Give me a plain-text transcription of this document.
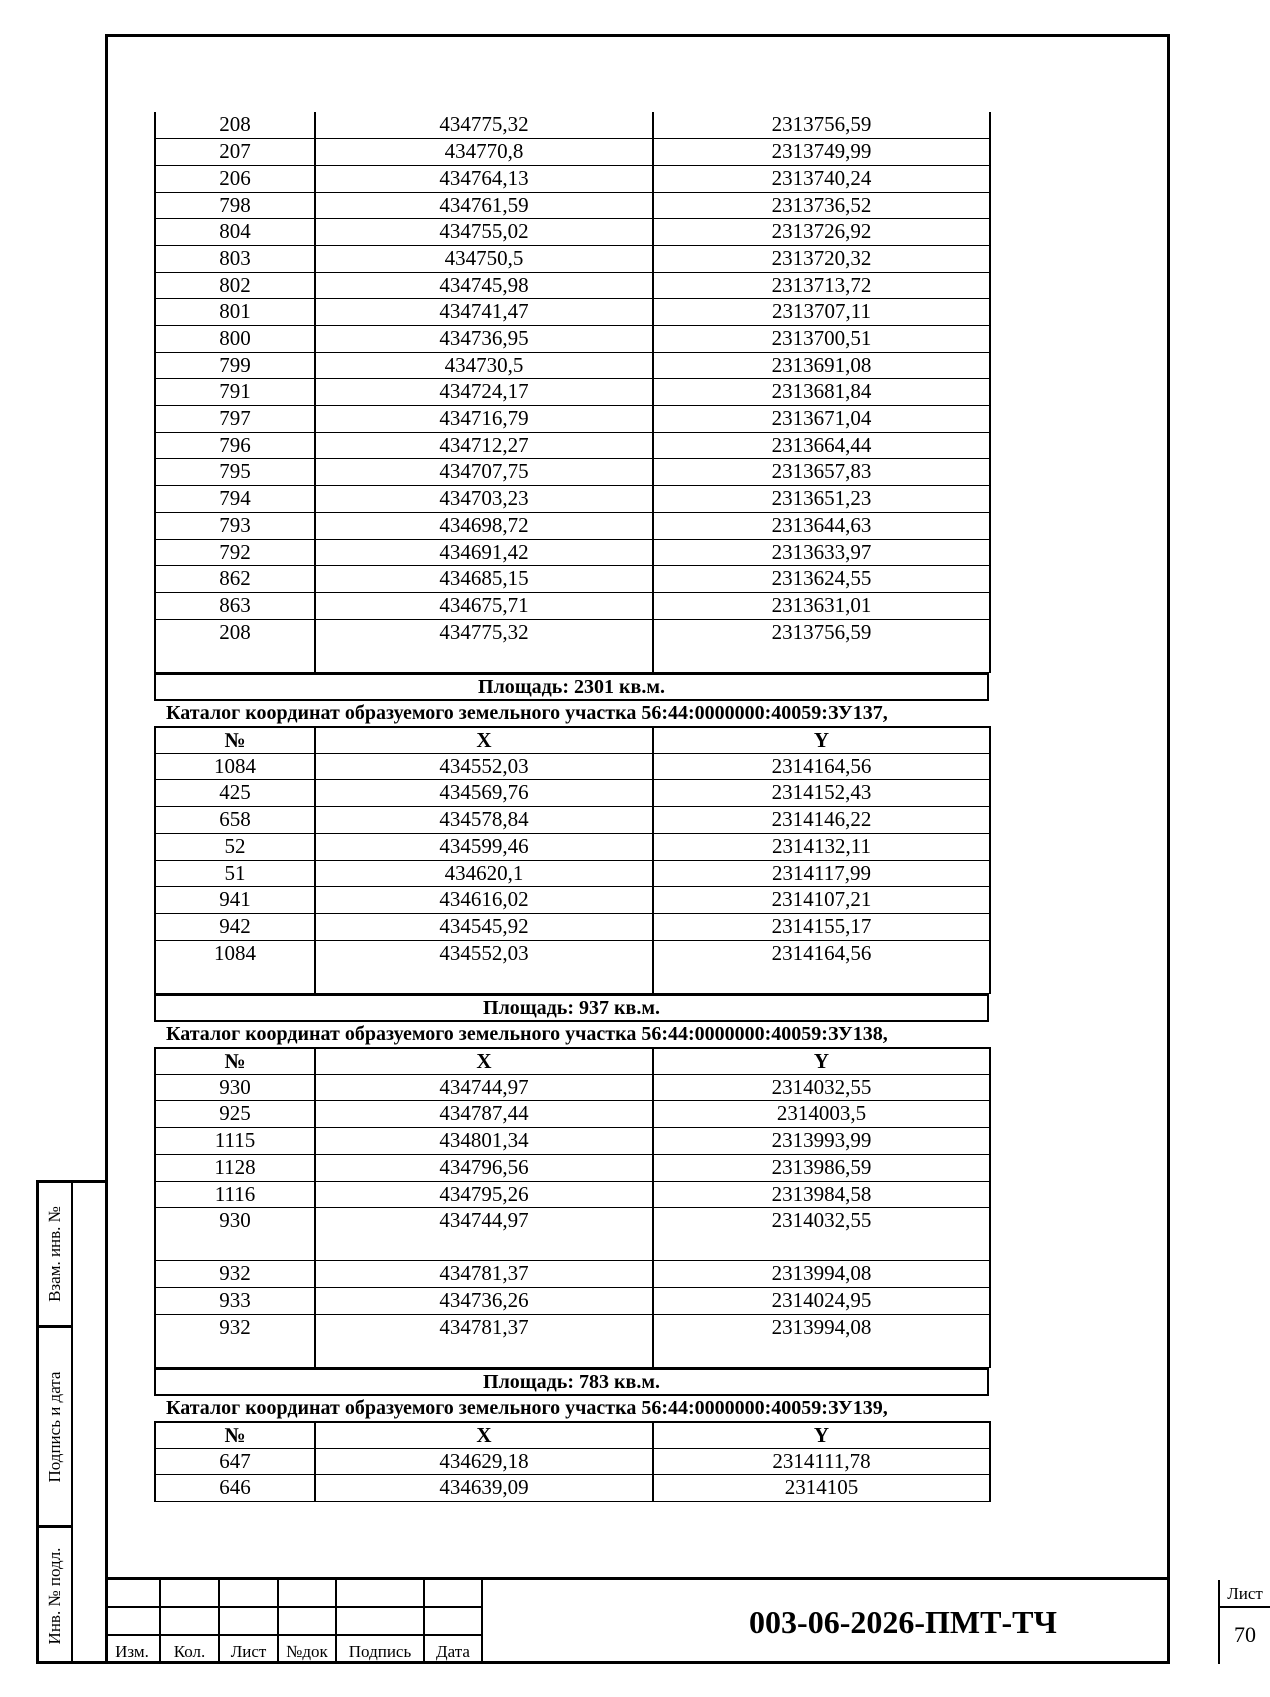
Взам. инв. №
Подпись и дата
Инв. № подл.
208	434775,32	2313756,59
207	434770,8	2313749,99
206	434764,13	2313740,24
798	434761,59	2313736,52
804	434755,02	2313726,92
803	434750,5	2313720,32
802	434745,98	2313713,72
801	434741,47	2313707,11
800	434736,95	2313700,51
799	434730,5	2313691,08
791	434724,17	2313681,84
797	434716,79	2313671,04
796	434712,27	2313664,44
795	434707,75	2313657,83
794	434703,23	2313651,23
793	434698,72	2313644,63
792	434691,42	2313633,97
862	434685,15	2313624,55
863	434675,71	2313631,01
208	434775,32	2313756,59
Площадь: 2301 кв.м.
Каталог координат образуемого земельного участка 56:44:0000000:40059:ЗУ137,
№	X	Y
1084	434552,03	2314164,56
425	434569,76	2314152,43
658	434578,84	2314146,22
52	434599,46	2314132,11
51	434620,1	2314117,99
941	434616,02	2314107,21
942	434545,92	2314155,17
1084	434552,03	2314164,56
Площадь: 937 кв.м.
Каталог координат образуемого земельного участка 56:44:0000000:40059:ЗУ138,
№	X	Y
930	434744,97	2314032,55
925	434787,44	2314003,5
1115	434801,34	2313993,99
1128	434796,56	2313986,59
1116	434795,26	2313984,58
930	434744,97	2314032,55
932	434781,37	2313994,08
933	434736,26	2314024,95
932	434781,37	2313994,08
Площадь: 783 кв.м.
Каталог координат образуемого земельного участка 56:44:0000000:40059:ЗУ139,
№	X	Y
647	434629,18	2314111,78
646	434639,09	2314105
Изм.	Кол.	Лист	№док	Подпись	Дата
003-06-2026-ПМТ-ТЧ
Лист
70
